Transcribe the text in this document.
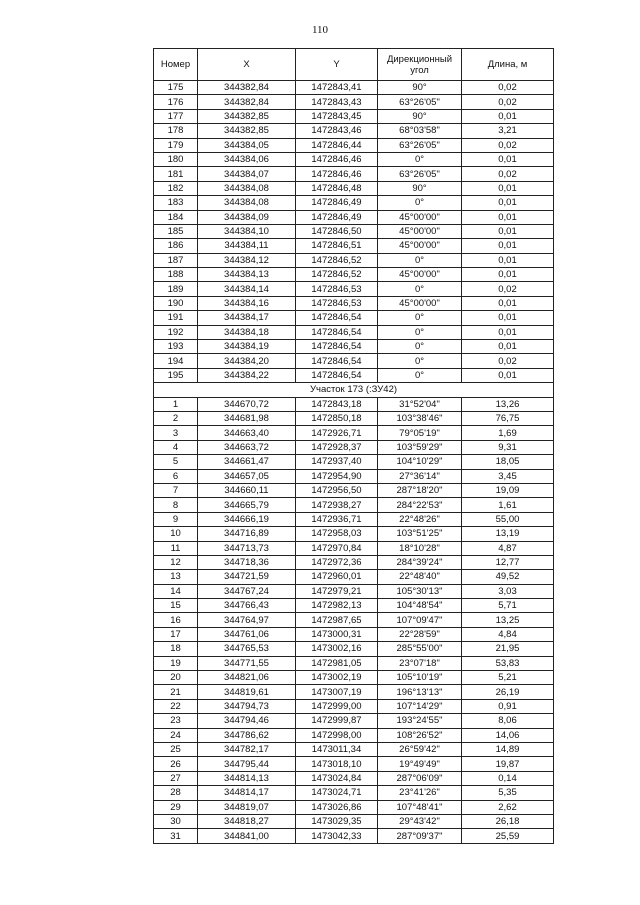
110
Номер	X	Y	Дирекционный угол	Длина, м
175	344382,84	1472843,41	90°	0,02
176	344382,84	1472843,43	63°26'05"	0,02
177	344382,85	1472843,45	90°	0,01
178	344382,85	1472843,46	68°03'58"	3,21
179	344384,05	1472846,44	63°26'05"	0,02
180	344384,06	1472846,46	0°	0,01
181	344384,07	1472846,46	63°26'05"	0,02
182	344384,08	1472846,48	90°	0,01
183	344384,08	1472846,49	0°	0,01
184	344384,09	1472846,49	45°00'00"	0,01
185	344384,10	1472846,50	45°00'00"	0,01
186	344384,11	1472846,51	45°00'00"	0,01
187	344384,12	1472846,52	0°	0,01
188	344384,13	1472846,52	45°00'00"	0,01
189	344384,14	1472846,53	0°	0,02
190	344384,16	1472846,53	45°00'00"	0,01
191	344384,17	1472846,54	0°	0,01
192	344384,18	1472846,54	0°	0,01
193	344384,19	1472846,54	0°	0,01
194	344384,20	1472846,54	0°	0,02
195	344384,22	1472846,54	0°	0,01
Участок 173 (:ЗУ42)				
1	344670,72	1472843,18	31°52'04"	13,26
2	344681,98	1472850,18	103°38'46"	76,75
3	344663,40	1472926,71	79°05'19"	1,69
4	344663,72	1472928,37	103°59'29"	9,31
5	344661,47	1472937,40	104°10'29"	18,05
6	344657,05	1472954,90	27°36'14"	3,45
7	344660,11	1472956,50	287°18'20"	19,09
8	344665,79	1472938,27	284°22'53"	1,61
9	344666,19	1472936,71	22°48'26"	55,00
10	344716,89	1472958,03	103°51'25"	13,19
11	344713,73	1472970,84	18°10'28"	4,87
12	344718,36	1472972,36	284°39'24"	12,77
13	344721,59	1472960,01	22°48'40"	49,52
14	344767,24	1472979,21	105°30'13"	3,03
15	344766,43	1472982,13	104°48'54"	5,71
16	344764,97	1472987,65	107°09'47"	13,25
17	344761,06	1473000,31	22°28'59"	4,84
18	344765,53	1473002,16	285°55'00"	21,95
19	344771,55	1472981,05	23°07'18"	53,83
20	344821,06	1473002,19	105°10'19"	5,21
21	344819,61	1473007,19	196°13'13"	26,19
22	344794,73	1472999,00	107°14'29"	0,91
23	344794,46	1472999,87	193°24'55"	8,06
24	344786,62	1472998,00	108°26'52"	14,06
25	344782,17	1473011,34	26°59'42"	14,89
26	344795,44	1473018,10	19°49'49"	19,87
27	344814,13	1473024,84	287°06'09"	0,14
28	344814,17	1473024,71	23°41'26"	5,35
29	344819,07	1473026,86	107°48'41"	2,62
30	344818,27	1473029,35	29°43'42"	26,18
31	344841,00	1473042,33	287°09'37"	25,59
